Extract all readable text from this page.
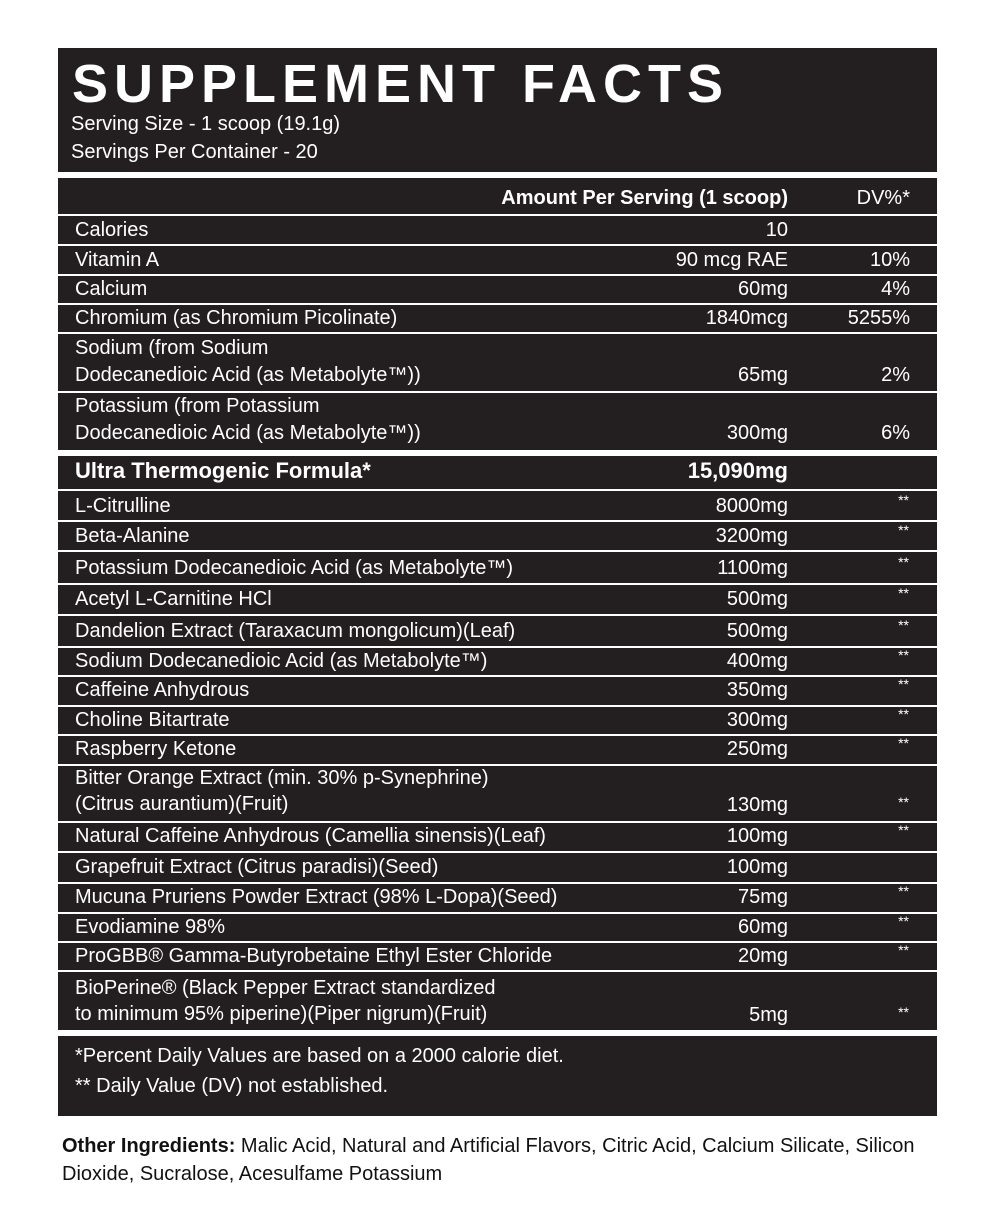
SUPPLEMENT FACTS
Serving Size - 1 scoop (19.1g)
Servings Per Container - 20
Amount Per Serving (1 scoop)	DV%*
Calories	10
Vitamin A	90 mcg RAE	10%
Calcium	60mg	4%
Chromium (as Chromium Picolinate)	1840mcg	5255%
Sodium (from Sodium
Dodecanedioic Acid (as Metabolyte™))	65mg	2%
Potassium (from Potassium
Dodecanedioic Acid (as Metabolyte™))	300mg	6%
Ultra Thermogenic Formula*	15,090mg
L-Citrulline	8000mg	**
Beta-Alanine	3200mg	**
Potassium Dodecanedioic Acid (as Metabolyte™)	1100mg	**
Acetyl L-Carnitine HCl	500mg	**
Dandelion Extract (Taraxacum mongolicum)(Leaf)	500mg	**
Sodium Dodecanedioic Acid (as Metabolyte™)	400mg	**
Caffeine Anhydrous	350mg	**
Choline Bitartrate	300mg	**
Raspberry Ketone	250mg	**
Bitter Orange Extract (min. 30% p-Synephrine)
(Citrus aurantium)(Fruit)	130mg	**
Natural Caffeine Anhydrous (Camellia sinensis)(Leaf)	100mg	**
Grapefruit Extract (Citrus paradisi)(Seed)	100mg
Mucuna Pruriens Powder Extract (98% L-Dopa)(Seed)	75mg	**
Evodiamine 98%	60mg	**
ProGBB® Gamma-Butyrobetaine Ethyl Ester Chloride	20mg	**
BioPerine® (Black Pepper Extract standardized
to minimum 95% piperine)(Piper nigrum)(Fruit)	5mg	**
*Percent Daily Values are based on a 2000 calorie diet.
** Daily Value (DV) not established.
Other Ingredients: Malic Acid, Natural and Artificial Flavors, Citric Acid, Calcium Silicate, Silicon Dioxide, Sucralose, Acesulfame Potassium
